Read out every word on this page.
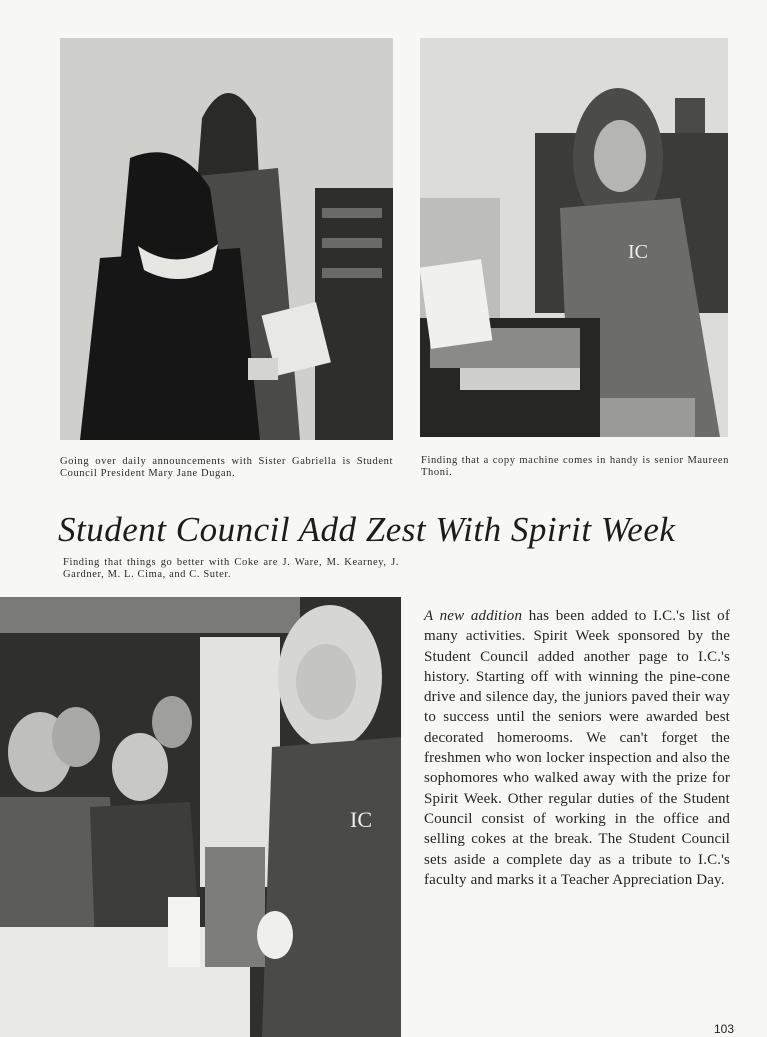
Going over daily announcements with Sister Gabriella is Student Council President Mary Jane Dugan.

IC

Finding that a copy machine comes in handy is senior Maureen Thoni.

Student Council Add Zest With Spirit Week

Finding that things go better with Coke are J. Ware, M. Kearney, J. Gardner, M. L. Cima, and C. Suter.

IC

A new addition has been added to I.C.'s list of many activities. Spirit Week sponsored by the Student Council added another page to I.C.'s history. Starting off with winning the pine-cone drive and silence day, the juniors paved their way to success until the seniors were awarded best decorated homerooms. We can't forget the freshmen who won locker inspection and also the sophomores who walked away with the prize for Spirit Week. Other regular duties of the Student Council consist of working in the office and selling cokes at the break. The Student Council sets aside a complete day as a tribute to I.C.'s faculty and marks it a Teacher Appreciation Day.

103
